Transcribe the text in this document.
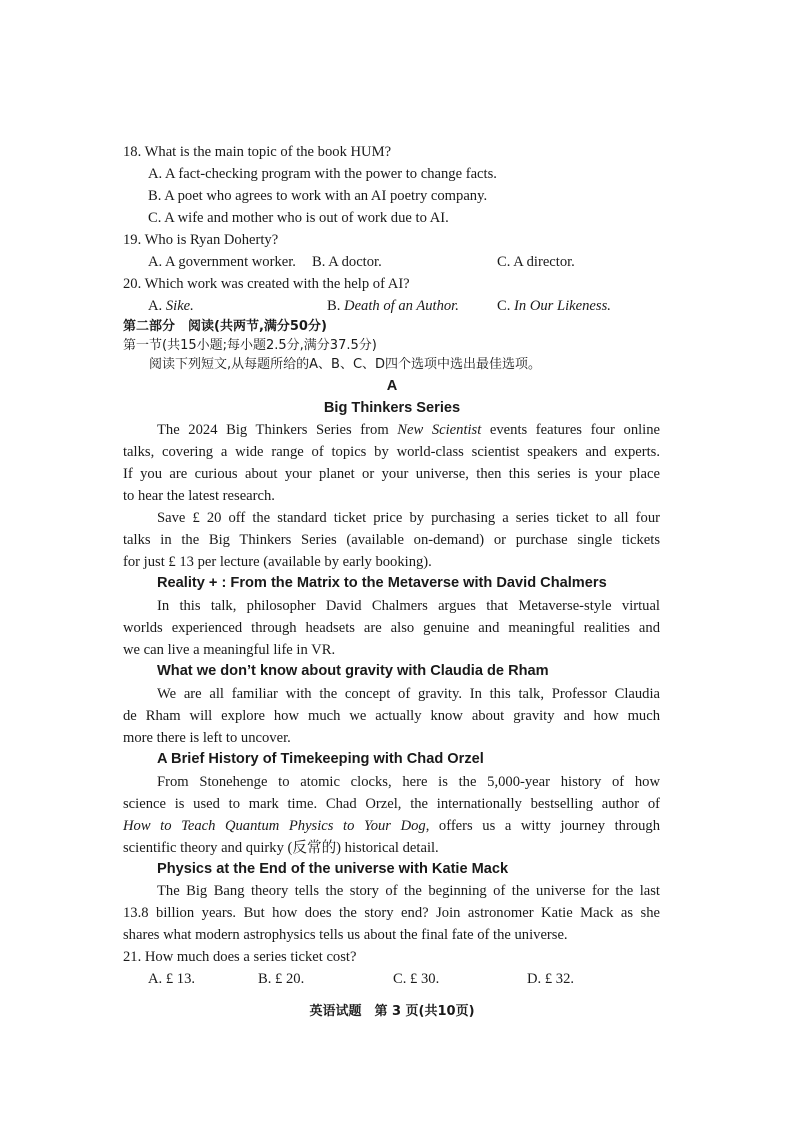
18. What is the main topic of the book HUM?
A. A fact-checking program with the power to change facts.
B. A poet who agrees to work with an AI poetry company.
C. A wife and mother who is out of work due to AI.
19. Who is Ryan Doherty?
A. A government worker. B. A doctor.	C. A director.
20. Which work was created with the help of AI?
A. Sike.	B. Death of an Author.	C. In Our Likeness.
第二部分　阅读(共两节,满分50分)
第一节(共15小题;每小题2.5分,满分37.5分)
阅读下列短文,从每题所给的A、B、C、D四个选项中选出最佳选项。
A
Big Thinkers Series
The 2024 Big Thinkers Series from New Scientist events features four online
talks, covering a wide range of topics by world-class scientist speakers and experts.
If you are curious about your planet or your universe, then this series is your place
to hear the latest research.
Save £ 20 off the standard ticket price by purchasing a series ticket to all four
talks in the Big Thinkers Series (available on-demand) or purchase single tickets
for just £ 13 per lecture (available by early booking).
Reality + : From the Matrix to the Metaverse with David Chalmers
In this talk, philosopher David Chalmers argues that Metaverse-style virtual
worlds experienced through headsets are also genuine and meaningful realities and
we can live a meaningful life in VR.
What we don’t know about gravity with Claudia de Rham
We are all familiar with the concept of gravity. In this talk, Professor Claudia
de Rham will explore how much we actually know about gravity and how much
more there is left to uncover.
A Brief History of Timekeeping with Chad Orzel
From Stonehenge to atomic clocks, here is the 5,000-year history of how
science is used to mark time. Chad Orzel, the internationally bestselling author of
How to Teach Quantum Physics to Your Dog, offers us a witty journey through
scientific theory and quirky (反常的) historical detail.
Physics at the End of the universe with Katie Mack
The Big Bang theory tells the story of the beginning of the universe for the last
13.8 billion years. But how does the story end? Join astronomer Katie Mack as she
shares what modern astrophysics tells us about the final fate of the universe.
21. How much does a series ticket cost?
A. £ 13.	B. £ 20.	C. £ 30.	D. £ 32.
英语试题　第 3 页(共10页)
